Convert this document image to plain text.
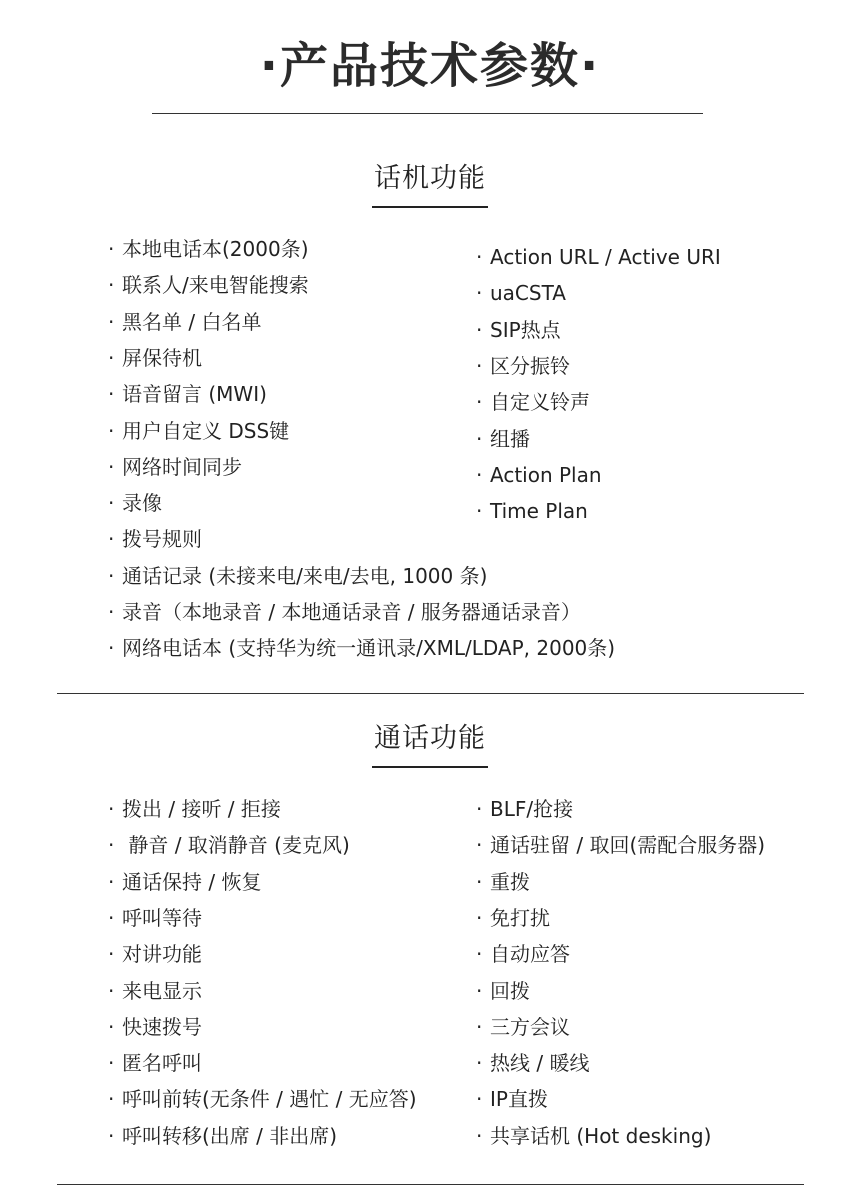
·产品技术参数·
话机功能
· 本地电话本(2000条)
· 联系人/来电智能搜索
· 黑名单 / 白名单
· 屏保待机
· 语音留言 (MWI)
· 用户自定义 DSS键
· 网络时间同步
· 录像
· 拨号规则
· 通话记录 (未接来电/来电/去电, 1000 条)
· 录音（本地录音 / 本地通话录音 / 服务器通话录音）
· 网络电话本 (支持华为统一通讯录/XML/LDAP, 2000条)
· Action URL / Active URI
· uaCSTA
· SIP热点
· 区分振铃
· 自定义铃声
· 组播
· Action Plan
· Time Plan
通话功能
· 拨出 / 接听 / 拒接
· 静音 / 取消静音 (麦克风)
· 通话保持 / 恢复
· 呼叫等待
· 对讲功能
· 来电显示
· 快速拨号
· 匿名呼叫
· 呼叫前转(无条件 / 遇忙 / 无应答)
· 呼叫转移(出席 / 非出席)
· BLF/抢接
· 通话驻留 / 取回(需配合服务器)
· 重拨
· 免打扰
· 自动应答
· 回拨
· 三方会议
· 热线 / 暖线
· IP直拨
· 共享话机 (Hot desking)
